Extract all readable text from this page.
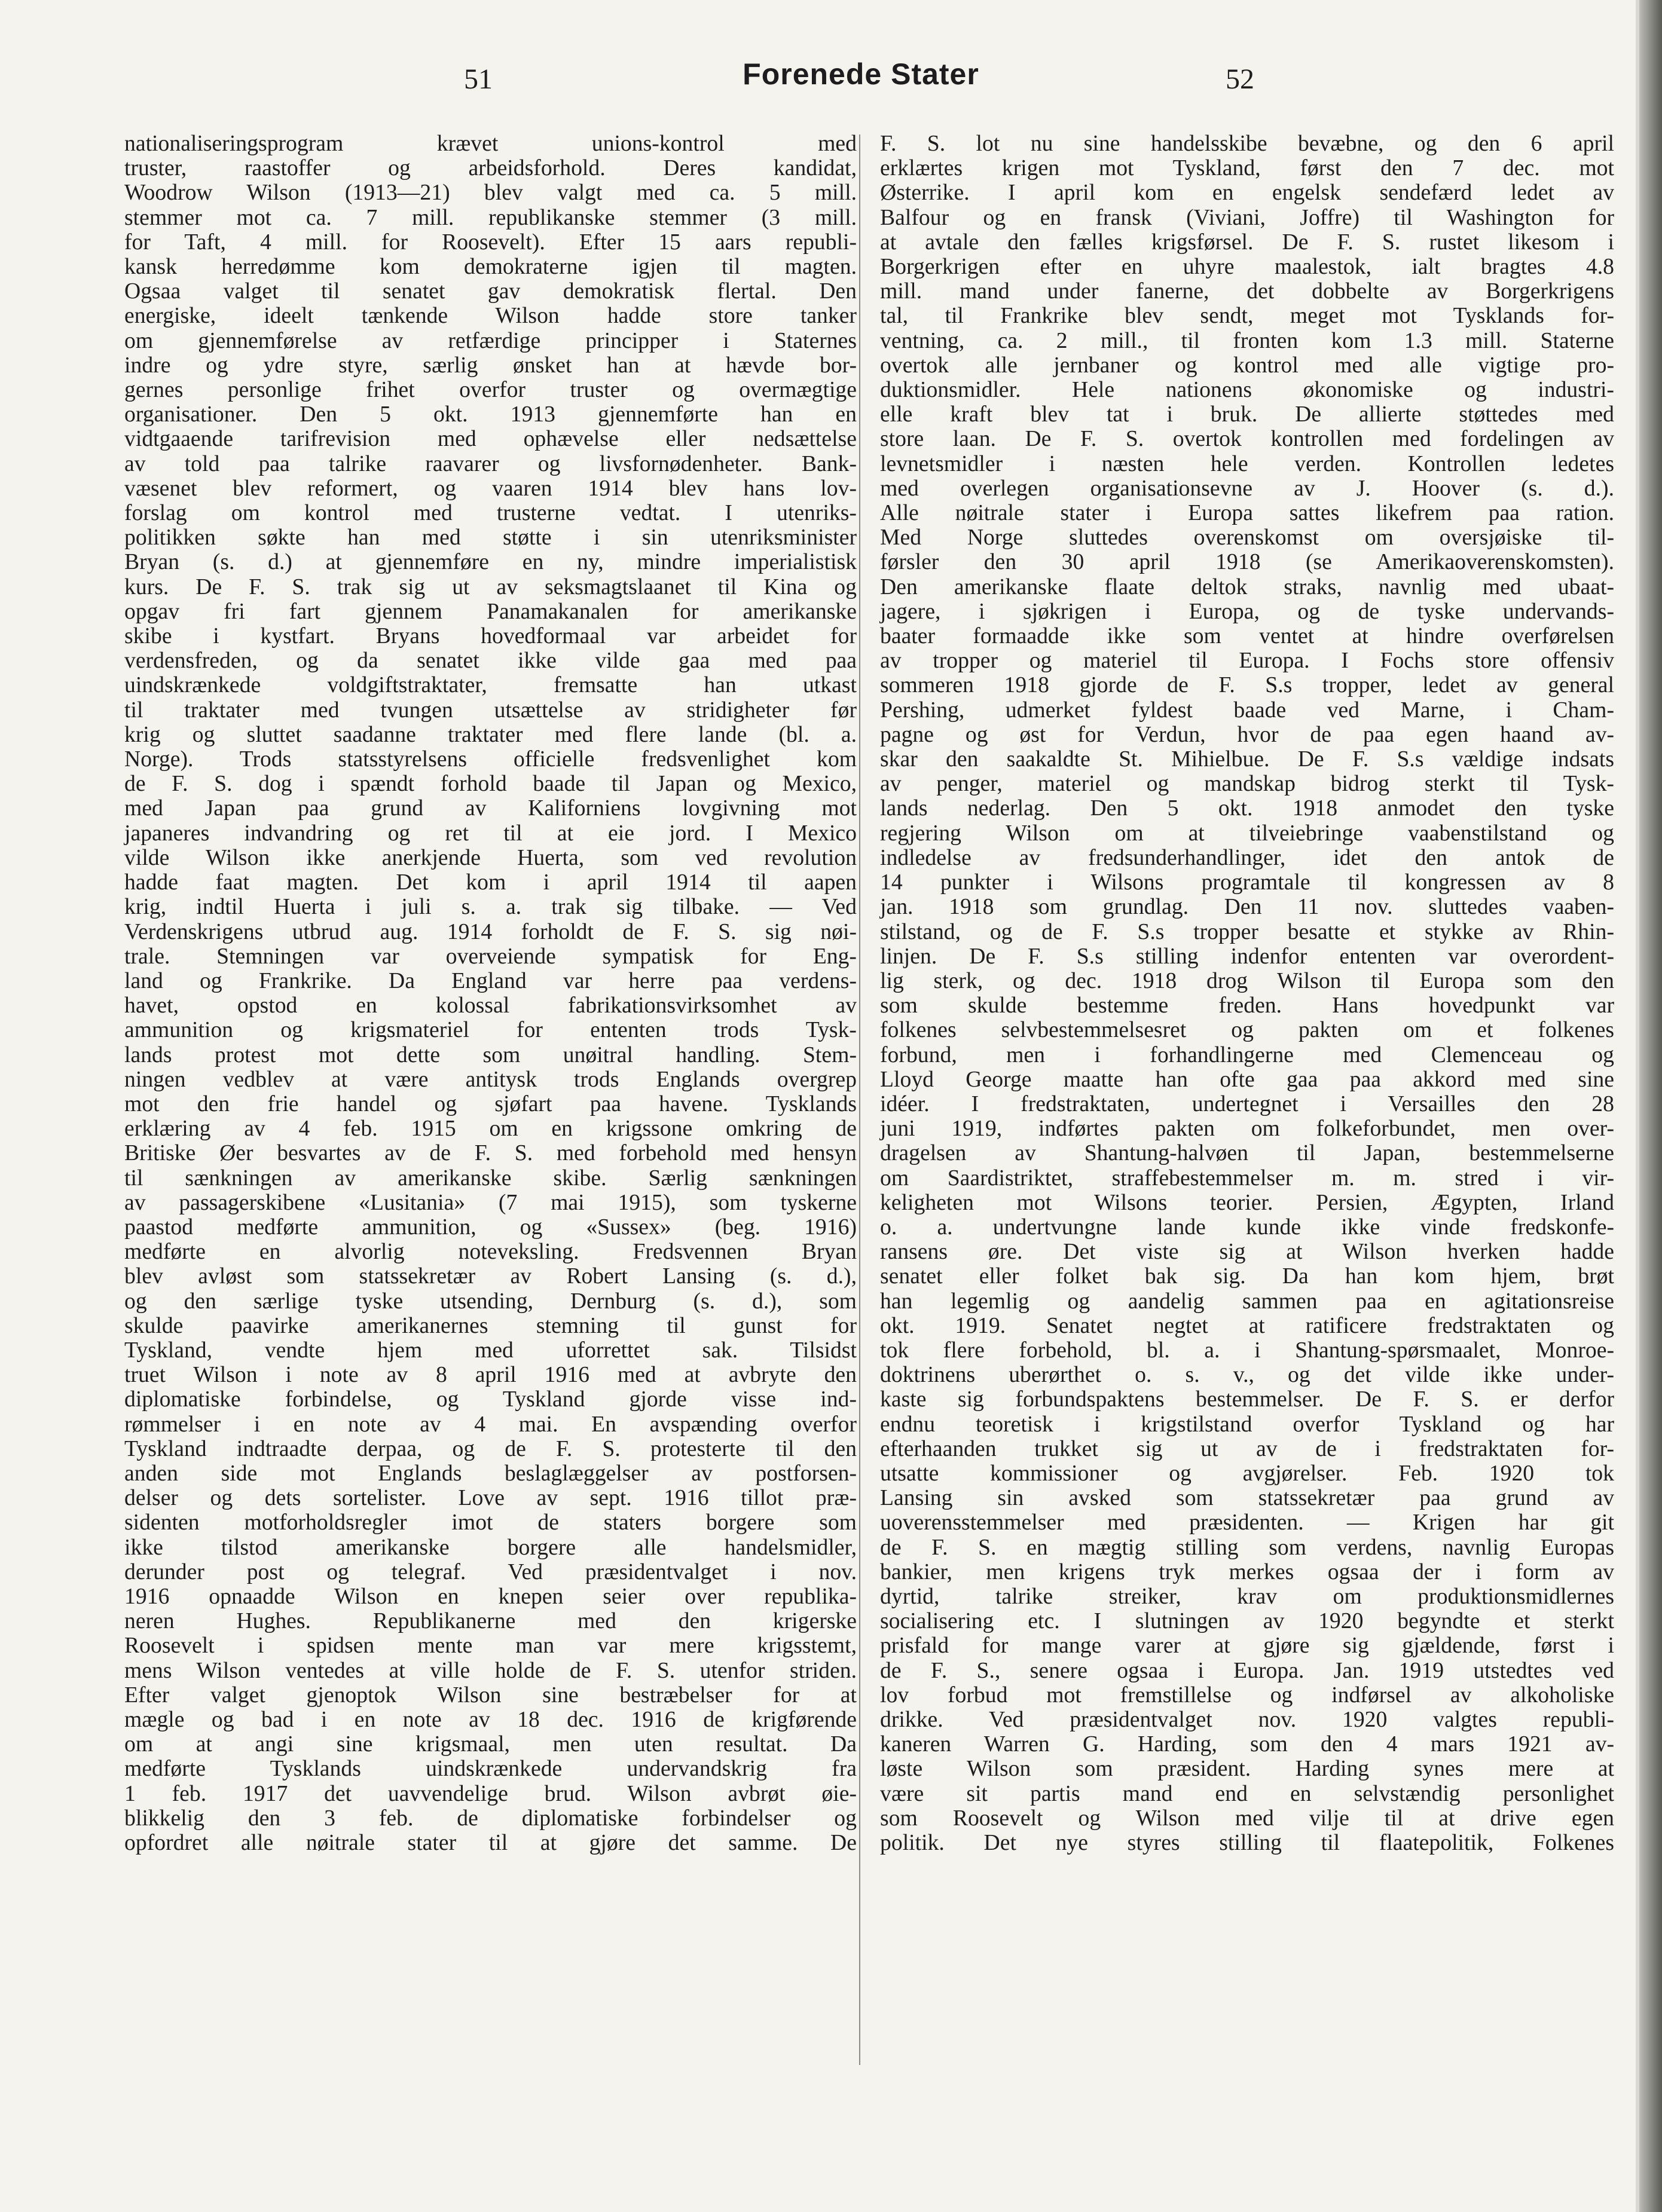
51	Forenede Stater	52

nationaliseringsprogram krævet unions-kontrol med

truster, raastoffer og arbeidsforhold. Deres kandidat,

Woodrow Wilson (1913—21) blev valgt med ca. 5 mill.

stemmer mot ca. 7 mill. republikanske stemmer (3 mill.

for Taft, 4 mill. for Roosevelt). Efter 15 aars republi-

kansk herredømme kom demokraterne igjen til magten.

Ogsaa valget til senatet gav demokratisk flertal. Den

energiske, ideelt tænkende Wilson hadde store tanker

om gjennemførelse av retfærdige principper i Staternes

indre og ydre styre, særlig ønsket han at hævde bor-

gernes personlige frihet overfor truster og overmægtige

organisationer. Den 5 okt. 1913 gjennemførte han en

vidtgaaende tarifrevision med ophævelse eller nedsættelse

av told paa talrike raavarer og livsfornødenheter. Bank-

væsenet blev reformert, og vaaren 1914 blev hans lov-

forslag om kontrol med trusterne vedtat. I utenriks-

politikken søkte han med støtte i sin utenriksminister

Bryan (s. d.) at gjennemføre en ny, mindre imperialistisk

kurs. De F. S. trak sig ut av seksmagtslaanet til Kina og

opgav fri fart gjennem Panamakanalen for amerikanske

skibe i kystfart. Bryans hovedformaal var arbeidet for

verdensfreden, og da senatet ikke vilde gaa med paa

uindskrænkede voldgiftstraktater, fremsatte han utkast

til traktater med tvungen utsættelse av stridigheter før

krig og sluttet saadanne traktater med flere lande (bl. a.

Norge). Trods statsstyrelsens officielle fredsvenlighet kom

de F. S. dog i spændt forhold baade til Japan og Mexico,

med Japan paa grund av Kaliforniens lovgivning mot

japaneres indvandring og ret til at eie jord. I Mexico

vilde Wilson ikke anerkjende Huerta, som ved revolution

hadde faat magten. Det kom i april 1914 til aapen

krig, indtil Huerta i juli s. a. trak sig tilbake. — Ved

Verdenskrigens utbrud aug. 1914 forholdt de F. S. sig nøi-

trale. Stemningen var overveiende sympatisk for Eng-

land og Frankrike. Da England var herre paa verdens-

havet, opstod en kolossal fabrikationsvirksomhet av

ammunition og krigsmateriel for ententen trods Tysk-

lands protest mot dette som unøitral handling. Stem-

ningen vedblev at være antitysk trods Englands overgrep

mot den frie handel og sjøfart paa havene. Tysklands

erklæring av 4 feb. 1915 om en krigssone omkring de

Britiske Øer besvartes av de F. S. med forbehold med hensyn

til sænkningen av amerikanske skibe. Særlig sænkningen

av passagerskibene «Lusitania» (7 mai 1915), som tyskerne

paastod medførte ammunition, og «Sussex» (beg. 1916)

medførte en alvorlig noteveksling. Fredsvennen Bryan

blev avløst som statssekretær av Robert Lansing (s. d.),

og den særlige tyske utsending, Dernburg (s. d.), som

skulde paavirke amerikanernes stemning til gunst for

Tyskland, vendte hjem med uforrettet sak. Tilsidst

truet Wilson i note av 8 april 1916 med at avbryte den

diplomatiske forbindelse, og Tyskland gjorde visse ind-

rømmelser i en note av 4 mai. En avspænding overfor

Tyskland indtraadte derpaa, og de F. S. protesterte til den

anden side mot Englands beslaglæggelser av postforsen-

delser og dets sortelister. Love av sept. 1916 tillot præ-

sidenten motforholdsregler imot de staters borgere som

ikke tilstod amerikanske borgere alle handelsmidler,

derunder post og telegraf. Ved præsidentvalget i nov.

1916 opnaadde Wilson en knepen seier over republika-

neren Hughes. Republikanerne med den krigerske

Roosevelt i spidsen mente man var mere krigsstemt,

mens Wilson ventedes at ville holde de F. S. utenfor striden.

Efter valget gjenoptok Wilson sine bestræbelser for at

mægle og bad i en note av 18 dec. 1916 de krigførende

om at angi sine krigsmaal, men uten resultat. Da

medførte Tysklands uindskrænkede undervandskrig fra

1 feb. 1917 det uavvendelige brud. Wilson avbrøt øie-

blikkelig den 3 feb. de diplomatiske forbindelser og

opfordret alle nøitrale stater til at gjøre det samme. De

F. S. lot nu sine handelsskibe bevæbne, og den 6 april

erklærtes krigen mot Tyskland, først den 7 dec. mot

Østerrike. I april kom en engelsk sendefærd ledet av

Balfour og en fransk (Viviani, Joffre) til Washington for

at avtale den fælles krigsførsel. De F. S. rustet likesom i

Borgerkrigen efter en uhyre maalestok, ialt bragtes 4.8

mill. mand under fanerne, det dobbelte av Borgerkrigens

tal, til Frankrike blev sendt, meget mot Tysklands for-

ventning, ca. 2 mill., til fronten kom 1.3 mill. Staterne

overtok alle jernbaner og kontrol med alle vigtige pro-

duktionsmidler. Hele nationens økonomiske og industri-

elle kraft blev tat i bruk. De allierte støttedes med

store laan. De F. S. overtok kontrollen med fordelingen av

levnetsmidler i næsten hele verden. Kontrollen ledetes

med overlegen organisationsevne av J. Hoover (s. d.).

Alle nøitrale stater i Europa sattes likefrem paa ration.

Med Norge sluttedes overenskomst om oversjøiske til-

førsler den 30 april 1918 (se Amerikaoverenskomsten).

Den amerikanske flaate deltok straks, navnlig med ubaat-

jagere, i sjøkrigen i Europa, og de tyske undervands-

baater formaadde ikke som ventet at hindre overførelsen

av tropper og materiel til Europa. I Fochs store offensiv

sommeren 1918 gjorde de F. S.s tropper, ledet av general

Pershing, udmerket fyldest baade ved Marne, i Cham-

pagne og øst for Verdun, hvor de paa egen haand av-

skar den saakaldte St. Mihielbue. De F. S.s vældige indsats

av penger, materiel og mandskap bidrog sterkt til Tysk-

lands nederlag. Den 5 okt. 1918 anmodet den tyske

regjering Wilson om at tilveiebringe vaabenstilstand og

indledelse av fredsunderhandlinger, idet den antok de

14 punkter i Wilsons programtale til kongressen av 8

jan. 1918 som grundlag. Den 11 nov. sluttedes vaaben-

stilstand, og de F. S.s tropper besatte et stykke av Rhin-

linjen. De F. S.s stilling indenfor ententen var overordent-

lig sterk, og dec. 1918 drog Wilson til Europa som den

som skulde bestemme freden. Hans hovedpunkt var

folkenes selvbestemmelsesret og pakten om et folkenes

forbund, men i forhandlingerne med Clemenceau og

Lloyd George maatte han ofte gaa paa akkord med sine

idéer. I fredstraktaten, undertegnet i Versailles den 28

juni 1919, indførtes pakten om folkeforbundet, men over-

dragelsen av Shantung-halvøen til Japan, bestemmelserne

om Saardistriktet, straffebestemmelser m. m. stred i vir-

keligheten mot Wilsons teorier. Persien, Ægypten, Irland

o. a. undertvungne lande kunde ikke vinde fredskonfe-

ransens øre. Det viste sig at Wilson hverken hadde

senatet eller folket bak sig. Da han kom hjem, brøt

han legemlig og aandelig sammen paa en agitationsreise

okt. 1919. Senatet negtet at ratificere fredstraktaten og

tok flere forbehold, bl. a. i Shantung-spørsmaalet, Monroe-

doktrinens uberørthet o. s. v., og det vilde ikke under-

kaste sig forbundspaktens bestemmelser. De F. S. er derfor

endnu teoretisk i krigstilstand overfor Tyskland og har

efterhaanden trukket sig ut av de i fredstraktaten for-

utsatte kommissioner og avgjørelser. Feb. 1920 tok

Lansing sin avsked som statssekretær paa grund av

uoverensstemmelser med præsidenten. — Krigen har git

de F. S. en mægtig stilling som verdens, navnlig Europas

bankier, men krigens tryk merkes ogsaa der i form av

dyrtid, talrike streiker, krav om produktionsmidlernes

socialisering etc. I slutningen av 1920 begyndte et sterkt

prisfald for mange varer at gjøre sig gjældende, først i

de F. S., senere ogsaa i Europa. Jan. 1919 utstedtes ved

lov forbud mot fremstillelse og indførsel av alkoholiske

drikke. Ved præsidentvalget nov. 1920 valgtes republi-

kaneren Warren G. Harding, som den 4 mars 1921 av-

løste Wilson som præsident. Harding synes mere at

være sit partis mand end en selvstændig personlighet

som Roosevelt og Wilson med vilje til at drive egen

politik. Det nye styres stilling til flaatepolitik, Folkenes
